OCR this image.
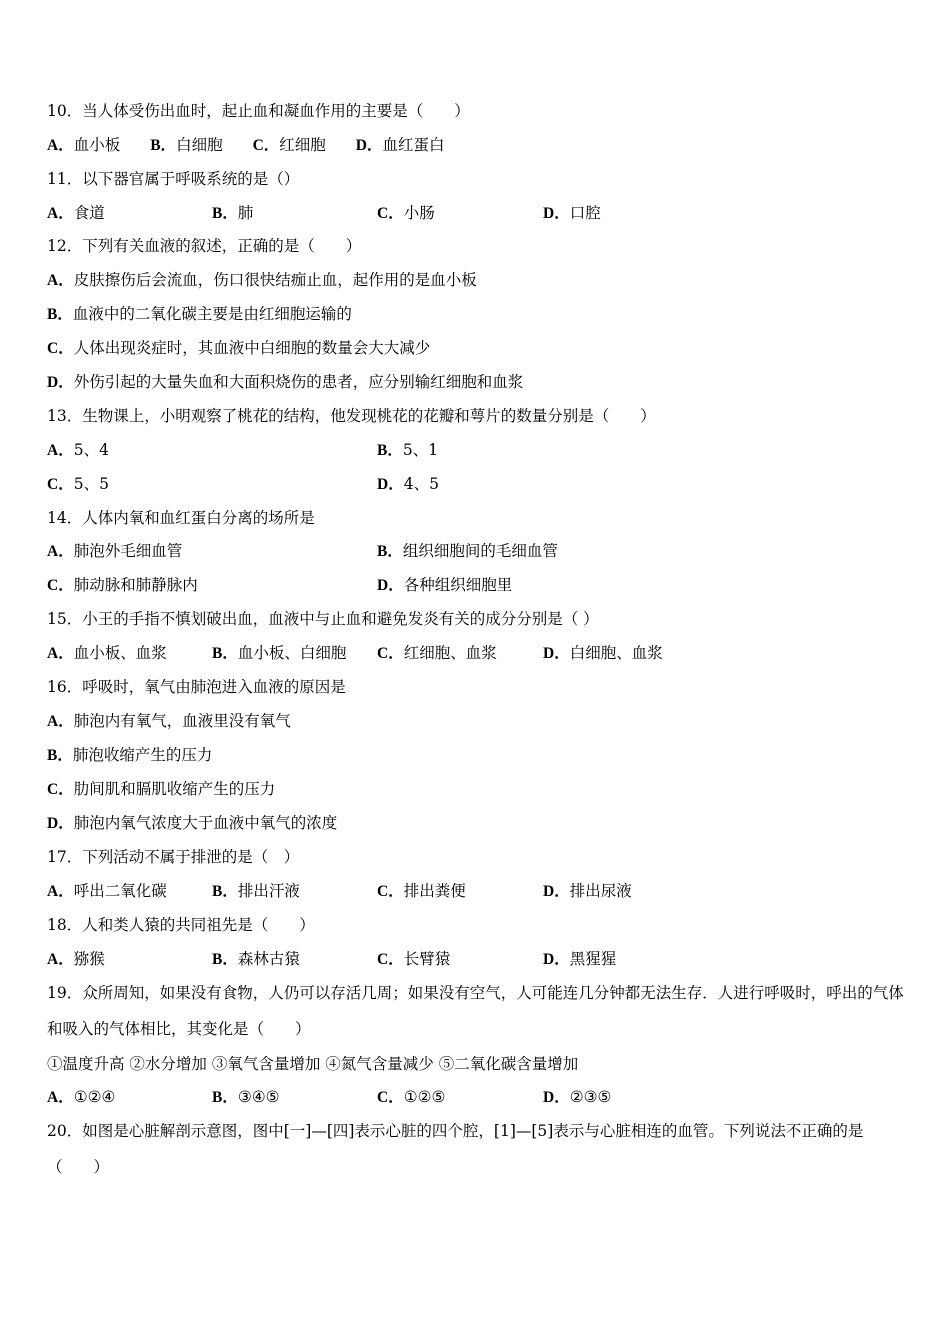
10．当人体受伤出血时，起止血和凝血作用的主要是（　　）
A．血小板 B．白细胞 C．红细胞 D．血红蛋白
11．以下器官属于呼吸系统的是（）
A．食道	B．肺	C．小肠	D．口腔
12．下列有关血液的叙述，正确的是（　　）
A．皮肤擦伤后会流血，伤口很快结痂止血，起作用的是血小板
B．血液中的二氧化碳主要是由红细胞运输的
C．人体出现炎症时，其血液中白细胞的数量会大大减少
D．外伤引起的大量失血和大面积烧伤的患者，应分别输红细胞和血浆
13．生物课上，小明观察了桃花的结构，他发现桃花的花瓣和萼片的数量分别是（　　）
A．5、4	B．5、1
C．5、5	D．4、5
14．人体内氧和血红蛋白分离的场所是
A．肺泡外毛细血管	B．组织细胞间的毛细血管
C．肺动脉和肺静脉内	D．各种组织细胞里
15．小王的手指不慎划破出血，血液中与止血和避免发炎有关的成分分别是（ ）
A．血小板、血浆	B．血小板、白细胞 C．红细胞、血浆	D．白细胞、血浆
16．呼吸时，氧气由肺泡进入血液的原因是
A．肺泡内有氧气，血液里没有氧气
B．肺泡收缩产生的压力
C．肋间肌和膈肌收缩产生的压力
D．肺泡内氧气浓度大于血液中氧气的浓度
17．下列活动不属于排泄的是（　）
A．呼出二氧化碳	B．排出汗液	C．排出粪便	D．排出尿液
18．人和类人猿的共同祖先是（　　）
A．猕猴	B．森林古猿	C．长臂猿	D．黑猩猩
19．众所周知，如果没有食物，人仍可以存活几周；如果没有空气，人可能连几分钟都无法生存．人进行呼吸时，呼出的气体和吸入的气体相比，其变化是（　　）
①温度升高 ②水分增加 ③氧气含量增加 ④氮气含量减少 ⑤二氧化碳含量增加
A．①②④	B．③④⑤	C．①②⑤	D．②③⑤
20．如图是心脏解剖示意图，图中[一]—[四]表示心脏的四个腔，[1]—[5]表示与心脏相连的血管。下列说法不正确的是（　　）
